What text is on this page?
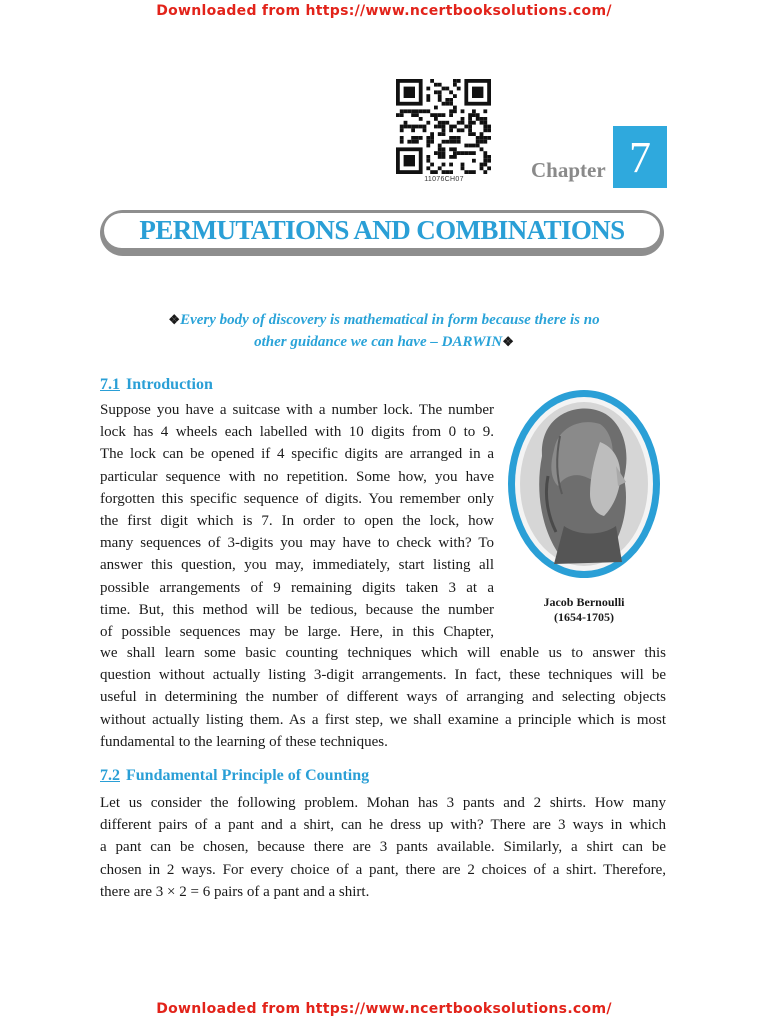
Downloaded from https://www.ncertbooksolutions.com/
11076CH07	Chapter 7
PERMUTATIONS AND COMBINATIONS
❖Every body of discovery is mathematical in form because there is no
other guidance we can have – DARWIN❖
7.1 Introduction
Suppose you have a suitcase with a number lock. The number
lock has 4 wheels each labelled with 10 digits from 0 to 9.
The lock can be opened if 4 specific digits are arranged in a
particular sequence with no repetition. Some how, you have
forgotten this specific sequence of digits. You remember only
the first digit which is 7. In order to open the lock, how
many sequences of 3-digits you may have to check with? To
answer this question, you may, immediately, start listing all
possible arrangements of 9 remaining digits taken 3 at a
time. But, this method will be tedious, because the number
of possible sequences may be large. Here, in this Chapter,
Jacob Bernoulli
(1654-1705)
we shall learn some basic counting techniques which will enable us to answer this
question without actually listing 3-digit arrangements. In fact, these techniques will be
useful in determining the number of different ways of arranging and selecting objects
without actually listing them. As a first step, we shall examine a principle which is most
fundamental to the learning of these techniques.
7.2 Fundamental Principle of Counting
Let us consider the following problem. Mohan has 3 pants and 2 shirts. How many
different pairs of a pant and a shirt, can he dress up with? There are 3 ways in which
a pant can be chosen, because there are 3 pants available. Similarly, a shirt can be
chosen in 2 ways. For every choice of a pant, there are 2 choices of a shirt. Therefore,
there are 3 × 2 = 6 pairs of a pant and a shirt.
Downloaded from https://www.ncertbooksolutions.com/
